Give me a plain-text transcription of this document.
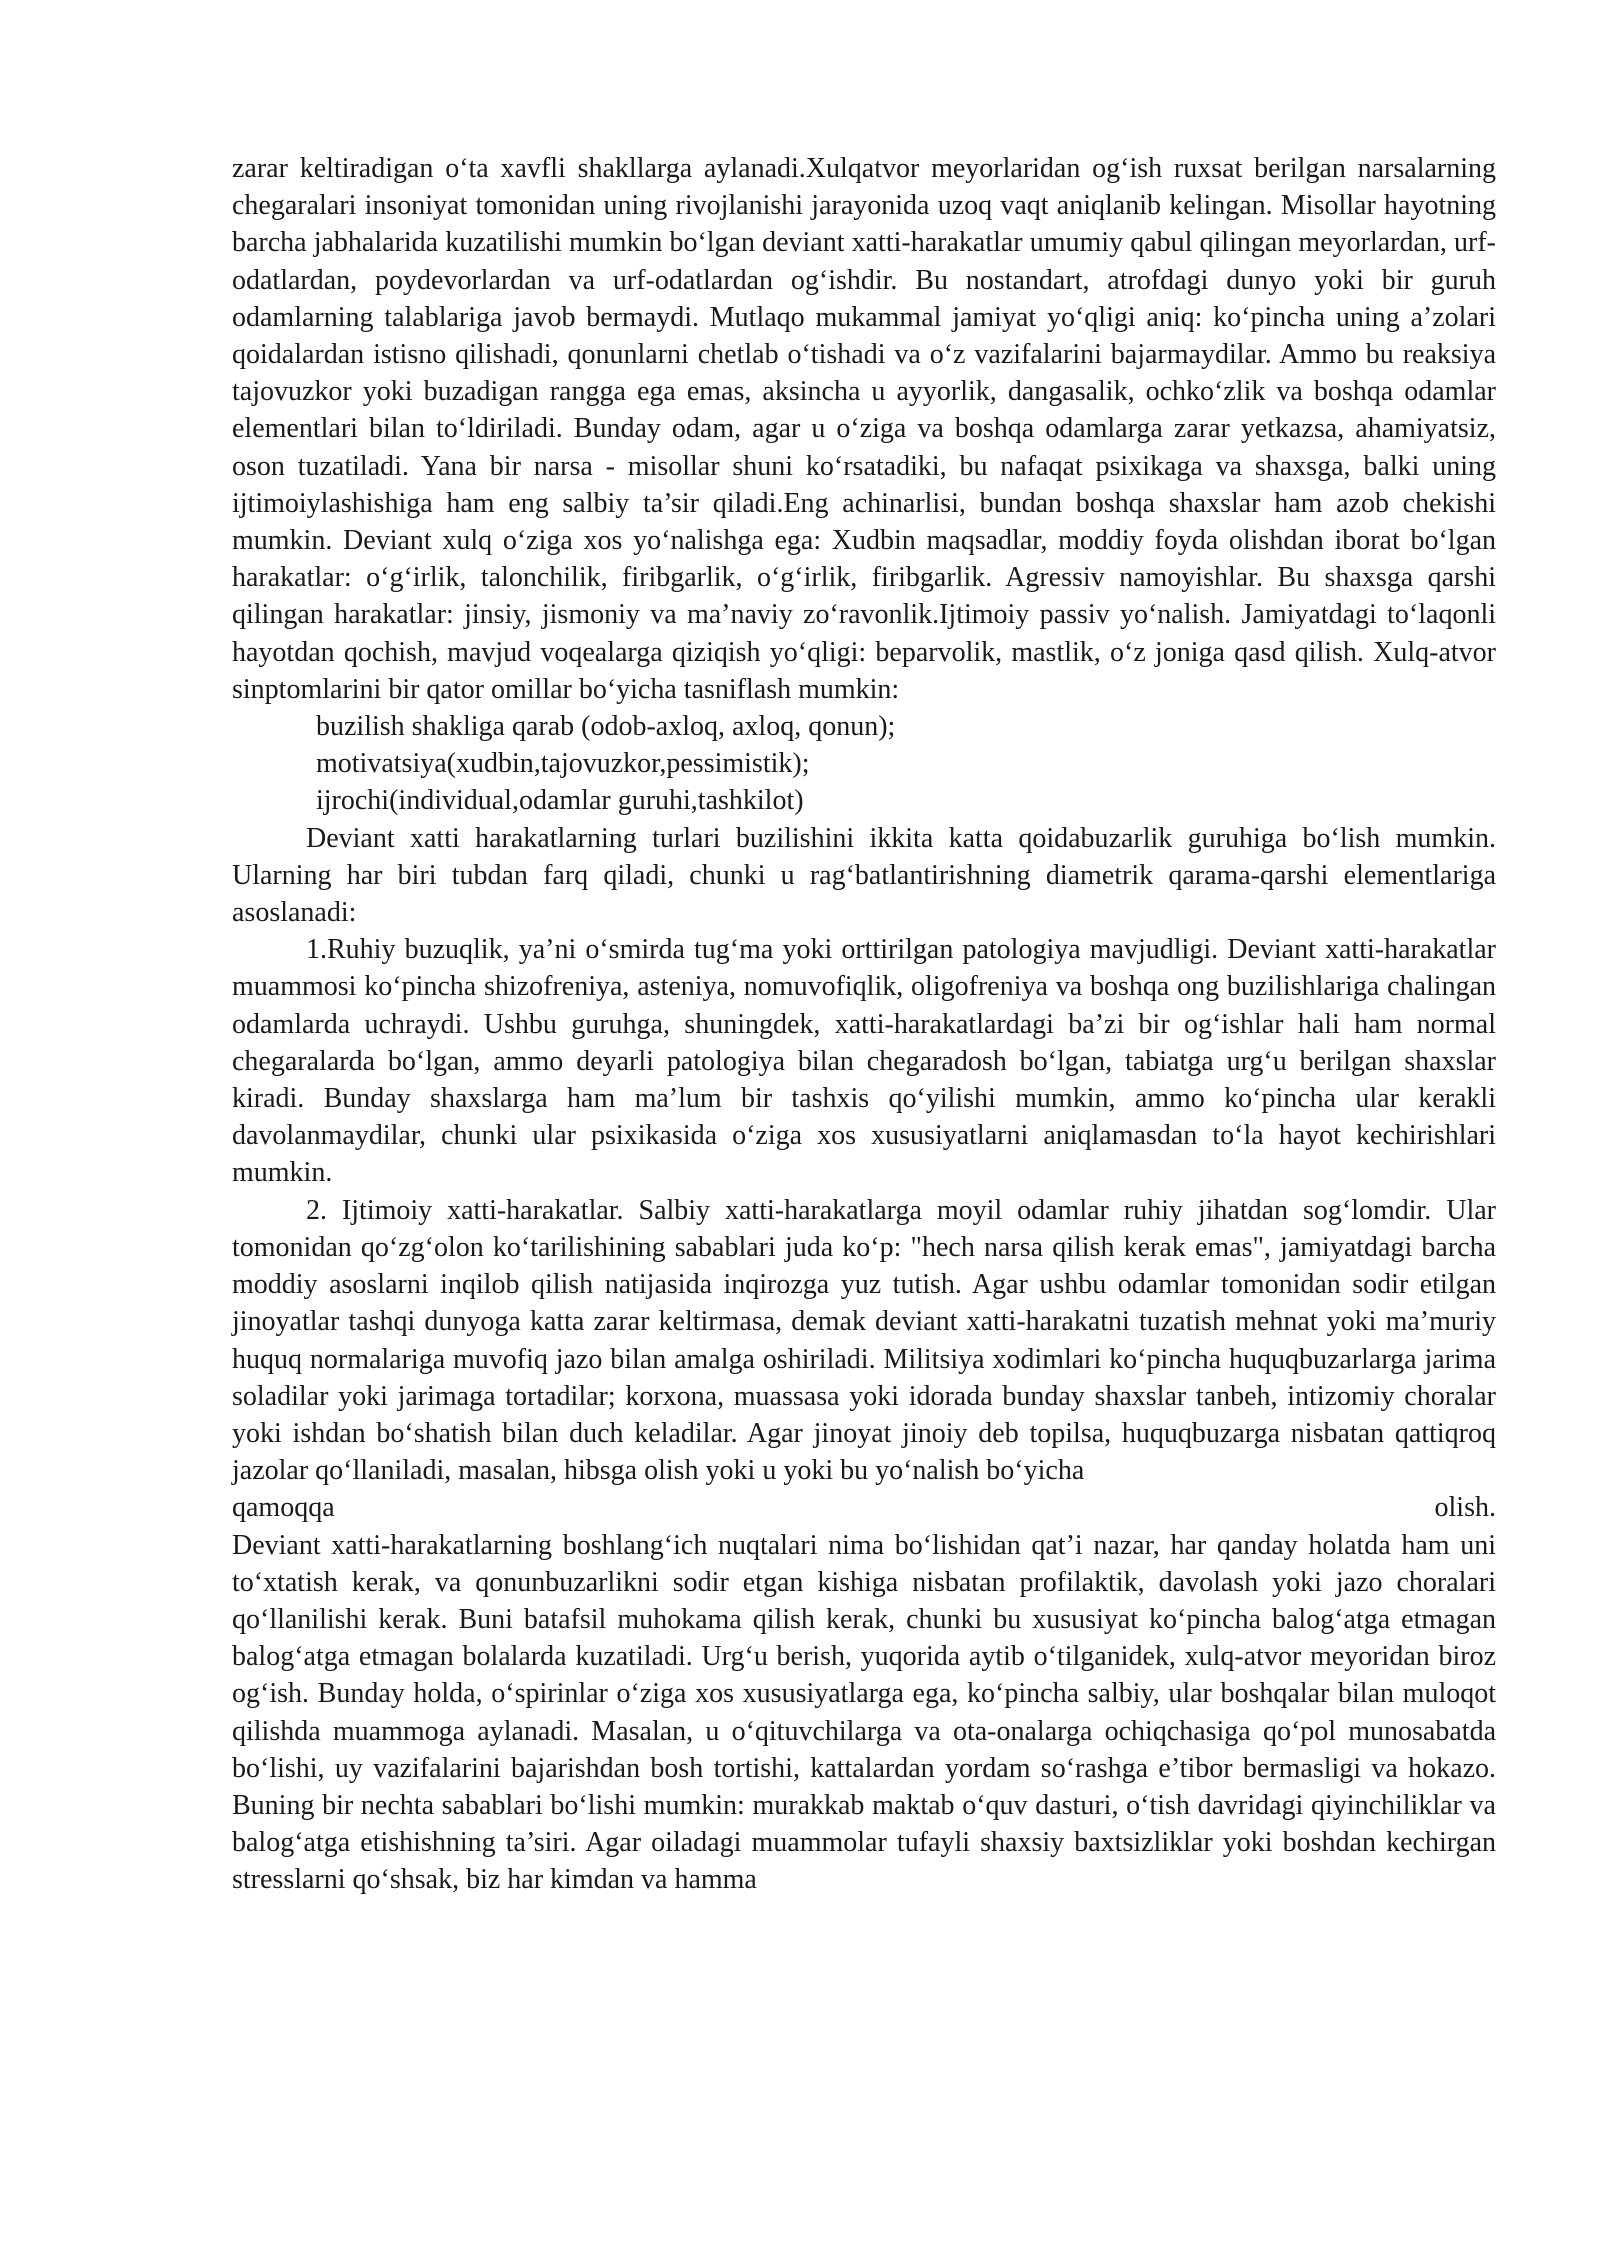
zarar keltiradigan o‘ta xavfli shakllarga aylanadi.Xulqatvor meyorlaridan og‘ish ruxsat berilgan narsalarning chegaralari insoniyat tomonidan uning rivojlanishi jarayonida uzoq vaqt aniqlanib kelingan. Misollar hayotning barcha jabhalarida kuzatilishi mumkin bo‘lgan deviant xatti-harakatlar umumiy qabul qilingan meyorlardan, urf-odatlardan, poydevorlardan va urf-odatlardan og‘ishdir. Bu nostandart, atrofdagi dunyo yoki bir guruh odamlarning talablariga javob bermaydi. Mutlaqo mukammal jamiyat yo‘qligi aniq: ko‘pincha uning a’zolari qoidalardan istisno qilishadi, qonunlarni chetlab o‘tishadi va o‘z vazifalarini bajarmaydilar. Ammo bu reaksiya tajovuzkor yoki buzadigan rangga ega emas, aksincha u ayyorlik, dangasalik, ochko‘zlik va boshqa odamlar elementlari bilan to‘ldiriladi. Bunday odam, agar u o‘ziga va boshqa odamlarga zarar yetkazsa, ahamiyatsiz, oson tuzatiladi. Yana bir narsa - misollar shuni ko‘rsatadiki, bu nafaqat psixikaga va shaxsga, balki uning ijtimoiylashishiga ham eng salbiy ta’sir qiladi.Eng achinarlisi, bundan boshqa shaxslar ham azob chekishi mumkin. Deviant xulq o‘ziga xos yo‘nalishga ega: Xudbin maqsadlar, moddiy foyda olishdan iborat bo‘lgan harakatlar: o‘g‘irlik, talonchilik, firibgarlik, o‘g‘irlik, firibgarlik. Agressiv namoyishlar. Bu shaxsga qarshi qilingan harakatlar: jinsiy, jismoniy va ma’naviy zo‘ravonlik.Ijtimoiy passiv yo‘nalish. Jamiyatdagi to‘laqonli hayotdan qochish, mavjud voqealarga qiziqish yo‘qligi: beparvolik, mastlik, o‘z joniga qasd qilish. Xulq-atvor sinptomlarini bir qator omillar bo‘yicha tasniflash mumkin:

buzilish shakliga qarab (odob-axloq, axloq, qonun);

motivatsiya(xudbin,tajovuzkor,pessimistik);

ijrochi(individual,odamlar guruhi,tashkilot)

Deviant xatti harakatlarning turlari buzilishini ikkita katta qoidabuzarlik guruhiga bo‘lish mumkin. Ularning har biri tubdan farq qiladi, chunki u rag‘batlantirishning diametrik qarama-qarshi elementlariga asoslanadi:

1.Ruhiy buzuqlik, ya’ni o‘smirda tug‘ma yoki orttirilgan patologiya mavjudligi. Deviant xatti-harakatlar muammosi ko‘pincha shizofreniya, asteniya, nomuvofiqlik, oligofreniya va boshqa ong buzilishlariga chalingan odamlarda uchraydi. Ushbu guruhga, shuningdek, xatti-harakatlardagi ba’zi bir og‘ishlar hali ham normal chegaralarda bo‘lgan, ammo deyarli patologiya bilan chegaradosh bo‘lgan, tabiatga urg‘u berilgan shaxslar kiradi. Bunday shaxslarga ham ma’lum bir tashxis qo‘yilishi mumkin, ammo ko‘pincha ular kerakli davolanmaydilar, chunki ular psixikasida o‘ziga xos xususiyatlarni aniqlamasdan to‘la hayot kechirishlari mumkin.

2. Ijtimoiy xatti-harakatlar. Salbiy xatti-harakatlarga moyil odamlar ruhiy jihatdan sog‘lomdir. Ular tomonidan qo‘zg‘olon ko‘tarilishining sabablari juda ko‘p: "hech narsa qilish kerak emas", jamiyatdagi barcha moddiy asoslarni inqilob qilish natijasida inqirozga yuz tutish. Agar ushbu odamlar tomonidan sodir etilgan jinoyatlar tashqi dunyoga katta zarar keltirmasa, demak deviant xatti-harakatni tuzatish mehnat yoki ma’muriy huquq normalariga muvofiq jazo bilan amalga oshiriladi. Militsiya xodimlari ko‘pincha huquqbuzarlarga jarima soladilar yoki jarimaga tortadilar; korxona, muassasa yoki idorada bunday shaxslar tanbeh, intizomiy choralar yoki ishdan bo‘shatish bilan duch keladilar. Agar jinoyat jinoiy deb topilsa, huquqbuzarga nisbatan qattiqroq jazolar qo‘llaniladi, masalan, hibsga olish yoki u yoki bu yo‘nalish bo‘yicha

qamoqqa	olish.

Deviant xatti-harakatlarning boshlang‘ich nuqtalari nima bo‘lishidan qat’i nazar, har qanday holatda ham uni to‘xtatish kerak, va qonunbuzarlikni sodir etgan kishiga nisbatan profilaktik, davolash yoki jazo choralari qo‘llanilishi kerak. Buni batafsil muhokama qilish kerak, chunki bu xususiyat ko‘pincha balog‘atga etmagan balog‘atga etmagan bolalarda kuzatiladi. Urg‘u berish, yuqorida aytib o‘tilganidek, xulq-atvor meyoridan biroz og‘ish. Bunday holda, o‘spirinlar o‘ziga xos xususiyatlarga ega, ko‘pincha salbiy, ular boshqalar bilan muloqot qilishda muammoga aylanadi. Masalan, u o‘qituvchilarga va ota-onalarga ochiqchasiga qo‘pol munosabatda bo‘lishi, uy vazifalarini bajarishdan bosh tortishi, kattalardan yordam so‘rashga e’tibor bermasligi va hokazo. Buning bir nechta sabablari bo‘lishi mumkin: murakkab maktab o‘quv dasturi, o‘tish davridagi qiyinchiliklar va balog‘atga etishishning ta’siri. Agar oiladagi muammolar tufayli shaxsiy baxtsizliklar yoki boshdan kechirgan stresslarni qo‘shsak, biz har kimdan va hamma
